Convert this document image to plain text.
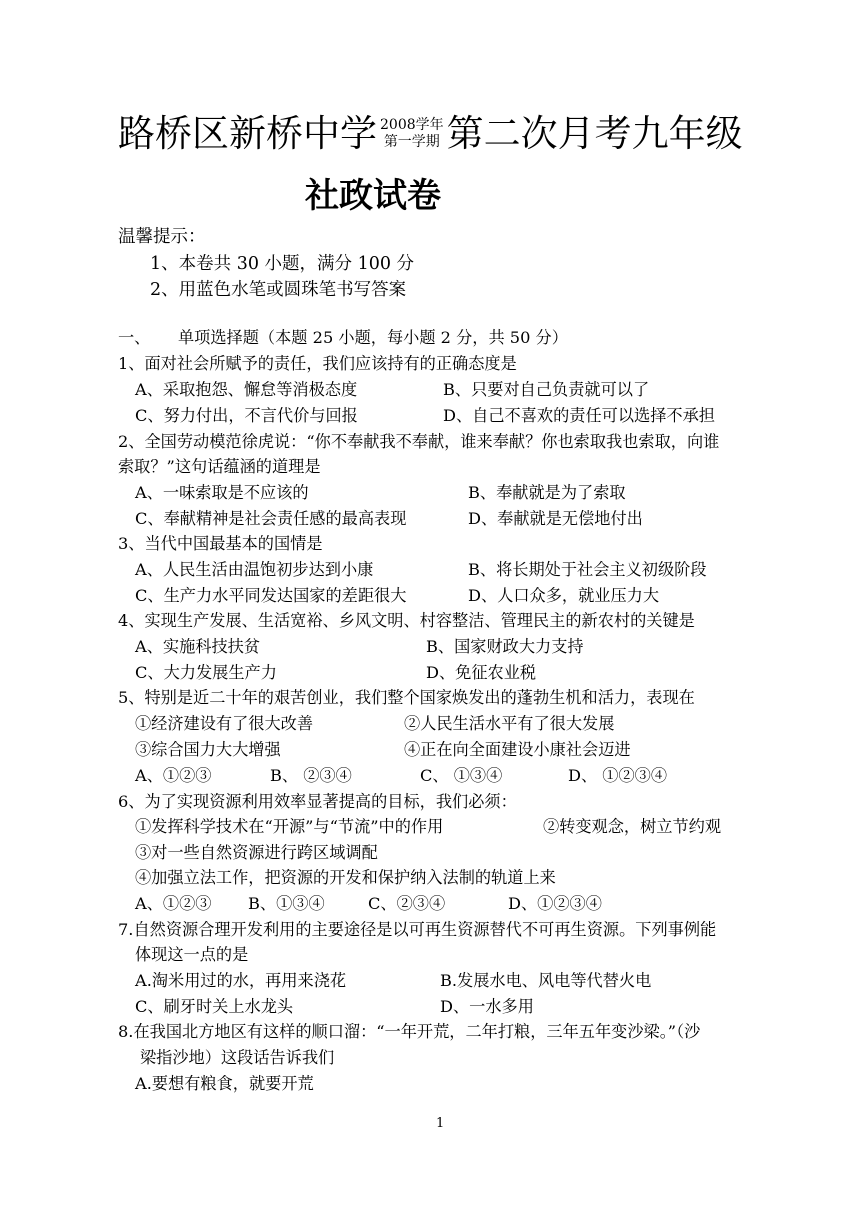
路桥区新桥中学 2008学年
第一学期 第二次月考九年级
社政试卷
温馨提示：
1、本卷共 30 小题，满分 100 分
2、用蓝色水笔或圆珠笔书写答案
一、 单项选择题（本题 25 小题，每小题 2 分，共 50 分）
1、面对社会所赋予的责任，我们应该持有的正确态度是
A、采取抱怨、懈怠等消极态度	B、只要对自己负责就可以了
C、努力付出，不言代价与回报	D、自己不喜欢的责任可以选择不承担
2、全国劳动模范徐虎说：“你不奉献我不奉献，谁来奉献？你也索取我也索取，向谁
索取？”这句话蕴涵的道理是
A、一味索取是不应该的	B、奉献就是为了索取
C、奉献精神是社会责任感的最高表现	D、奉献就是无偿地付出
3、当代中国最基本的国情是
A、人民生活由温饱初步达到小康	B、将长期处于社会主义初级阶段
C、生产力水平同发达国家的差距很大	D、人口众多，就业压力大
4、实现生产发展、生活宽裕、乡风文明、村容整洁、管理民主的新农村的关键是
A、实施科技扶贫	B、国家财政大力支持
C、大力发展生产力	D、免征农业税
5、特别是近二十年的艰苦创业，我们整个国家焕发出的蓬勃生机和活力，表现在
①经济建设有了很大改善	②人民生活水平有了很大发展
③综合国力大大增强	④正在向全面建设小康社会迈进
A、①②③	B、 ②③④	C、 ①③④	D、 ①②③④
6、为了实现资源利用效率显著提高的目标，我们必须：
①发挥科学技术在“开源”与“节流”中的作用	②转变观念，树立节约观
③对一些自然资源进行跨区域调配
④加强立法工作，把资源的开发和保护纳入法制的轨道上来
A、①②③ B、①③④	C、②③④	D、①②③④
7.自然资源合理开发利用的主要途径是以可再生资源替代不可再生资源。下列事例能
体现这一点的是
A.淘米用过的水，再用来浇花	B.发展水电、风电等代替火电
C、刷牙时关上水龙头	D、一水多用
8.在我国北方地区有这样的顺口溜：“一年开荒，二年打粮，三年五年变沙梁。”（沙
梁指沙地）这段话告诉我们
A.要想有粮食，就要开荒
1
